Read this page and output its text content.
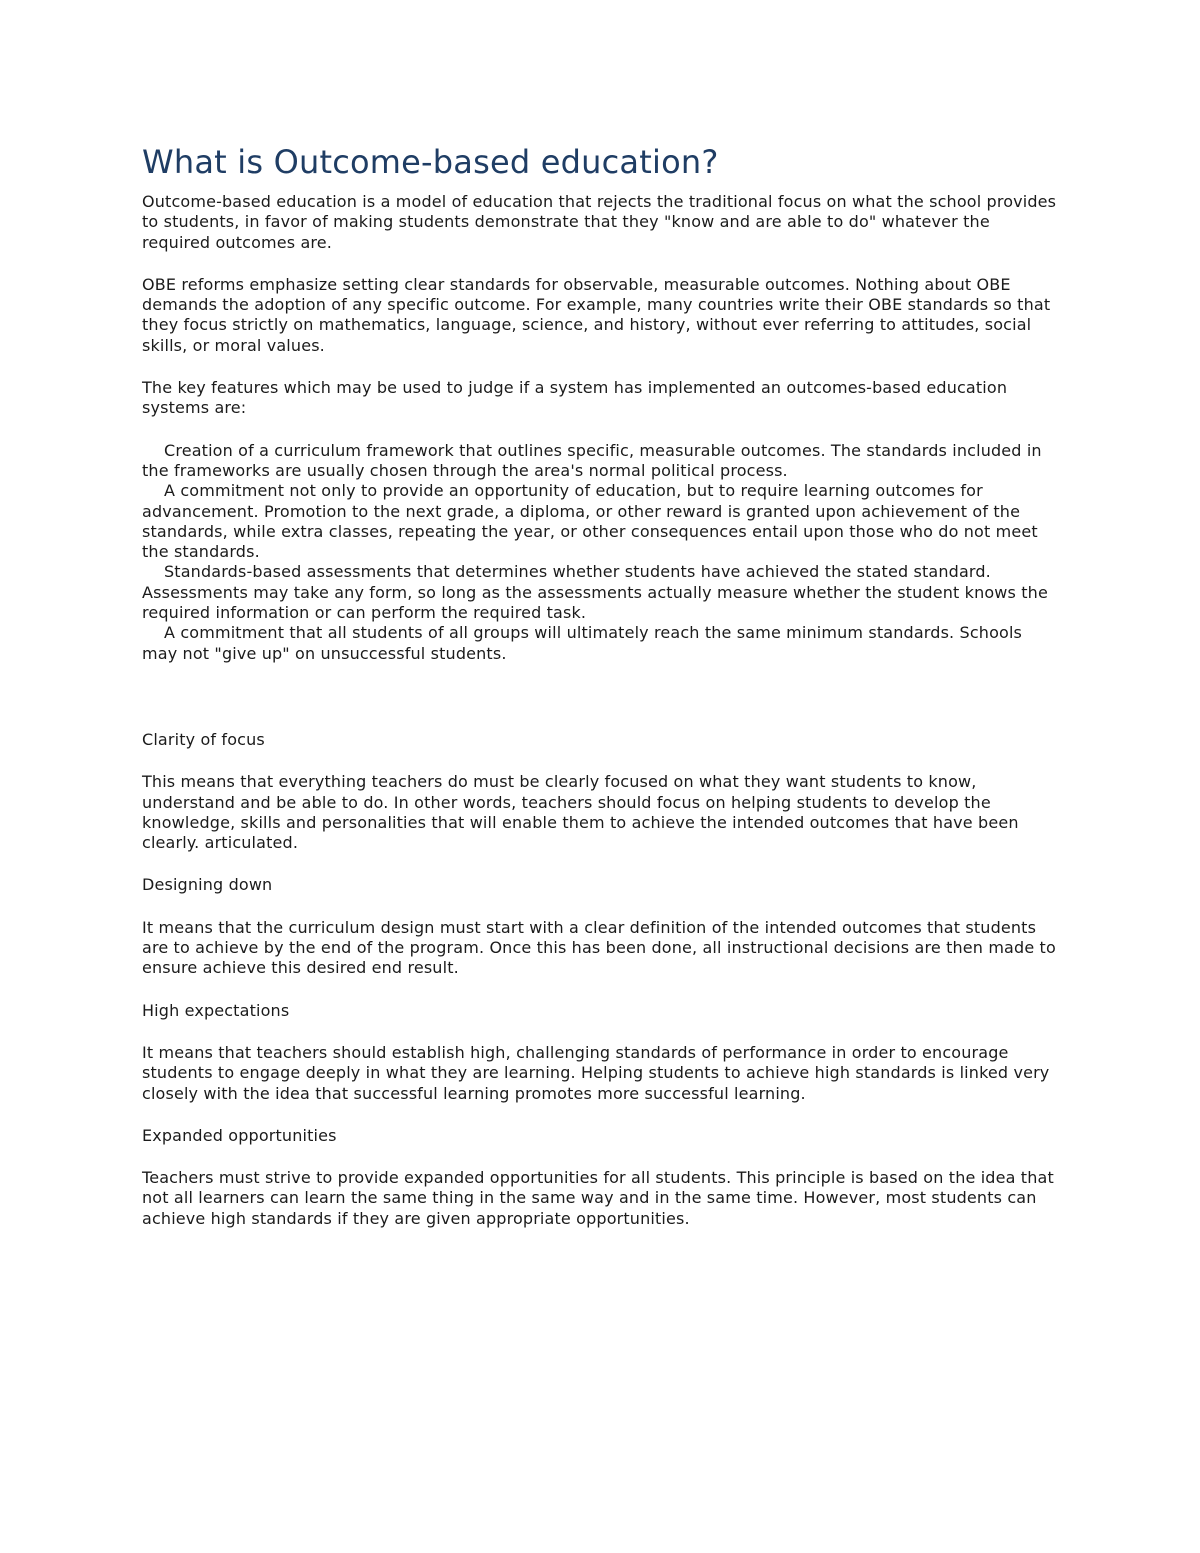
What is Outcome-based education?

Outcome-based education is a model of education that rejects the traditional focus on what the school provides to students, in favor of making students demonstrate that they "know and are able to do" whatever the required outcomes are.

OBE reforms emphasize setting clear standards for observable, measurable outcomes. Nothing about OBE demands the adoption of any specific outcome. For example, many countries write their OBE standards so that they focus strictly on mathematics, language, science, and history, without ever referring to attitudes, social skills, or moral values.

The key features which may be used to judge if a system has implemented an outcomes-based education systems are:

Creation of a curriculum framework that outlines specific, measurable outcomes. The standards included in the frameworks are usually chosen through the area's normal political process.

A commitment not only to provide an opportunity of education, but to require learning outcomes for advancement. Promotion to the next grade, a diploma, or other reward is granted upon achievement of the standards, while extra classes, repeating the year, or other consequences entail upon those who do not meet the standards.

Standards-based assessments that determines whether students have achieved the stated standard. Assessments may take any form, so long as the assessments actually measure whether the student knows the required information or can perform the required task.

A commitment that all students of all groups will ultimately reach the same minimum standards. Schools may not "give up" on unsuccessful students.

Clarity of focus

This means that everything teachers do must be clearly focused on what they want students to know, understand and be able to do. In other words, teachers should focus on helping students to develop the knowledge, skills and personalities that will enable them to achieve the intended outcomes that have been clearly. articulated.

Designing down

It means that the curriculum design must start with a clear definition of the intended outcomes that students are to achieve by the end of the program. Once this has been done, all instructional decisions are then made to ensure achieve this desired end result.

High expectations

It means that teachers should establish high, challenging standards of performance in order to encourage students to engage deeply in what they are learning. Helping students to achieve high standards is linked very closely with the idea that successful learning promotes more successful learning.

Expanded opportunities

Teachers must strive to provide expanded opportunities for all students. This principle is based on the idea that not all learners can learn the same thing in the same way and in the same time. However, most students can achieve high standards if they are given appropriate opportunities.
